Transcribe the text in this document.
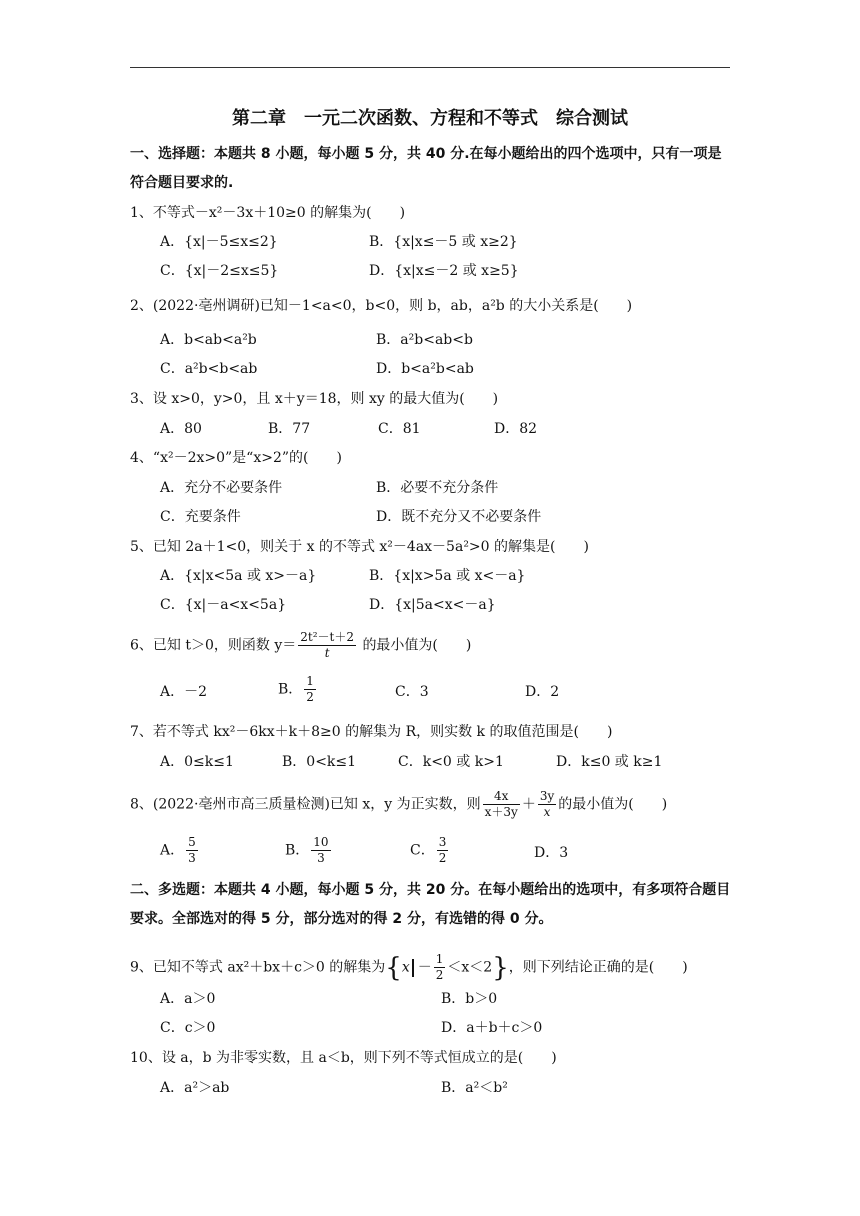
第二章　一元二次函数、方程和不等式　综合测试
一、选择题：本题共 8 小题，每小题 5 分，共 40 分.在每小题给出的四个选项中，只有一项是符合题目要求的.
1、不等式－x²－3x＋10≥0 的解集为(　　)
A．{x|－5≤x≤2}	B．{x|x≤－5 或 x≥2}
C．{x|－2≤x≤5}	D．{x|x≤－2 或 x≥5}
2、(2022·亳州调研)已知－1<a<0，b<0，则 b，ab，a²b 的大小关系是(　　)
A．b<ab<a²b	B．a²b<ab<b
C．a²b<b<ab	D．b<a²b<ab
3、设 x>0，y>0，且 x＋y＝18，则 xy 的最大值为(　　)
A．80	B．77	C．81	D．82
4、“x²－2x>0”是“x>2”的(　　)
A．充分不必要条件	B．必要不充分条件
C．充要条件	D．既不充分又不必要条件
5、已知 2a＋1<0，则关于 x 的不等式 x²－4ax－5a²>0 的解集是(　　)
A．{x|x<5a 或 x>－a}	B．{x|x>5a 或 x<－a}
C．{x|－a<x<5a}	D．{x|5a<x<－a}
6、已知 t＞0，则函数 $y= \frac{\text{2t²－t＋2}}{t}$ 的最小值为(　　)
A．－2	B． $\frac{1}{2}$	C．3	D．2
7、若不等式 kx²－6kx＋k＋8≥0 的解集为 R，则实数 k 的取值范围是(　　)
A．0≤k≤1	B．0<k≤1	C．k<0 或 k>1	D．k≤0 或 k≥1
8、(2022·亳州市高三质量检测)已知 x，y 为正实数，则 $\frac{4x}{x+3y} + \frac{3y}{x}$ 的最小值为(　　)
A． $\frac{5}{3}$	B． $\frac{10}{3}$	C． $\frac{3}{2}$	D．3
二、多选题：本题共 4 小题，每小题 5 分，共 20 分。在每小题给出的选项中，有多项符合题目要求。全部选对的得 5 分，部分选对的得 2 分，有选错的得 0 分。
9、已知不等式 ax²＋bx＋c＞0 的解集为$\{x - \frac{1}{2} <x<2\}$，则下列结论正确的是(　　)
A．a＞0	B．b＞0
C．c＞0	D．a＋b＋c＞0
10、设 a，b 为非零实数，且 a＜b，则下列不等式恒成立的是(　　)
A．a²＞ab	B．a²＜b²
